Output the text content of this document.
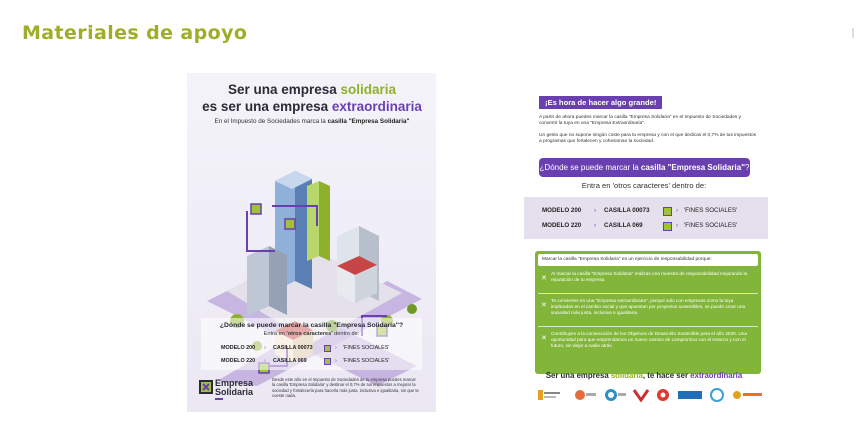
Materiales de apoyo
Ser una empresa solidaria
es ser una empresa extraordinaria
En el Impuesto de Sociedades marca la casilla "Empresa Solidaria"
¿Dónde se puede marcar la casilla "Empresa Solidaria"?
Entra en 'otros caracteres' dentro de:
MODELO 200 › CASILLA 00073	› 'FINES SOCIALES'
MODELO 220 › CASILLA 069	› 'FINES SOCIALES'
Empresa
Solidaria
Desde este año en el Impuesto de Sociedades de tu empresa puedes marcar la casilla 'Empresa Solidaria' y destinar el 0,7% de tus impuestos a mejorar la sociedad y fortalecerla para hacerla más justa, inclusiva e igualitaria, sin que te cueste nada.
¡Es hora de hacer algo grande!
A partir de ahora puedes marcar la casilla "Empresa Solidaria" en el Impuesto de Sociedades y convertir la tuya en una "Empresa Extraordinaria".
Un gesto que no supone ningún coste para tu empresa y con el que dedicas el 0,7% de tus impuestos a programas que fortalecen y cohesionan la sociedad.
¿Dónde se puede marcar la casilla "Empresa Solidaria"?
Entra en 'otros caracteres' dentro de:
MODELO 200 › CASILLA 00073	› 'FINES SOCIALES'
MODELO 220 › CASILLA 069	› 'FINES SOCIALES'
Marcar la casilla "Empresa Solidaria" es un ejercicio de responsabilidad porque:
✕
Al marcar la casilla "Empresa Solidaria" realizas una muestra de responsabilidad mejorando la reputación de tu empresa.
✕
Te conviertes en una "Empresa extraordinaria", porque solo con empresas como la tuya implicadas en el cambio social y que apuestan por proyectos sostenibles, se puede crear una sociedad más justa, inclusiva e igualitaria.
✕
Contribuyes a la consecución de los Objetivos de Desarrollo Sostenible para el año 2030. Una oportunidad para que emprendamos un nuevo camino de compromiso con el entorno y con el futuro, sin dejar a nadie atrás.
Ser una empresa solidaria, te hace ser extraordinaria
